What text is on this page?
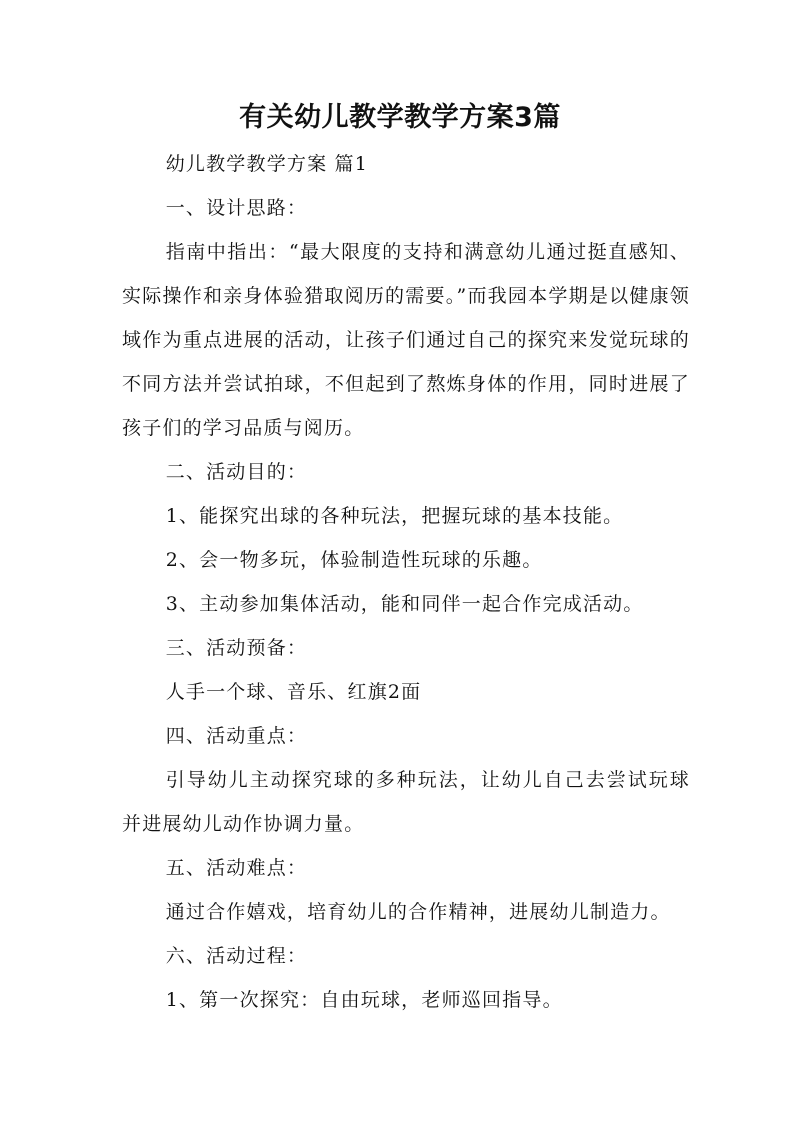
有关幼儿教学教学方案3篇

幼儿教学教学方案 篇1

一、设计思路：

指南中指出：“最大限度的支持和满意幼儿通过挺直感知、实际操作和亲身体验猎取阅历的需要。”而我园本学期是以健康领域作为重点进展的活动，让孩子们通过自己的探究来发觉玩球的不同方法并尝试拍球，不但起到了熬炼身体的作用，同时进展了孩子们的学习品质与阅历。

二、活动目的：

1、能探究出球的各种玩法，把握玩球的基本技能。

2、会一物多玩，体验制造性玩球的乐趣。

3、主动参加集体活动，能和同伴一起合作完成活动。

三、活动预备：

人手一个球、音乐、红旗2面

四、活动重点：

引导幼儿主动探究球的多种玩法，让幼儿自己去尝试玩球并进展幼儿动作协调力量。

五、活动难点：

通过合作嬉戏，培育幼儿的合作精神，进展幼儿制造力。

六、活动过程：

1、第一次探究：自由玩球，老师巡回指导。
